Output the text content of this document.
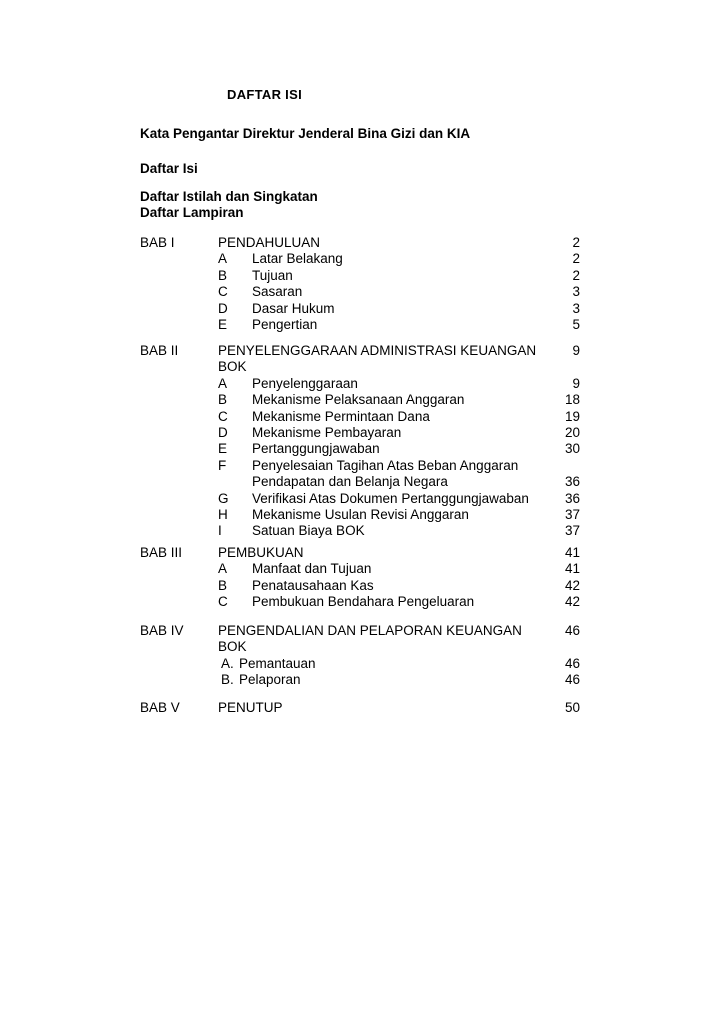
DAFTAR ISI
Kata Pengantar Direktur Jenderal Bina Gizi dan KIA
Daftar Isi
Daftar Istilah dan Singkatan
Daftar Lampiran
BAB I	PENDAHULUAN	2
A Latar Belakang	2
B Tujuan	2
C Sasaran	3
D Dasar Hukum	3
E Pengertian	5
BAB II	PENYELENGGARAAN ADMINISTRASI KEUANGAN	9
BOK
A Penyelenggaraan	9
B Mekanisme Pelaksanaan Anggaran	18
C Mekanisme Permintaan Dana	19
D Mekanisme Pembayaran	20
E Pertanggungjawaban	30
F Penyelesaian Tagihan Atas Beban Anggaran
Pendapatan dan Belanja Negara	36
G Verifikasi Atas Dokumen Pertanggungjawaban	36
H Mekanisme Usulan Revisi Anggaran	37
I Satuan Biaya BOK	37
BAB III	PEMBUKUAN	41
A Manfaat dan Tujuan	41
B Penatausahaan Kas	42
C Pembukuan Bendahara Pengeluaran	42
BAB IV	PENGENDALIAN DAN PELAPORAN KEUANGAN	46
BOK
A. Pemantauan	46
B. Pelaporan	46
BAB V	PENUTUP	50
